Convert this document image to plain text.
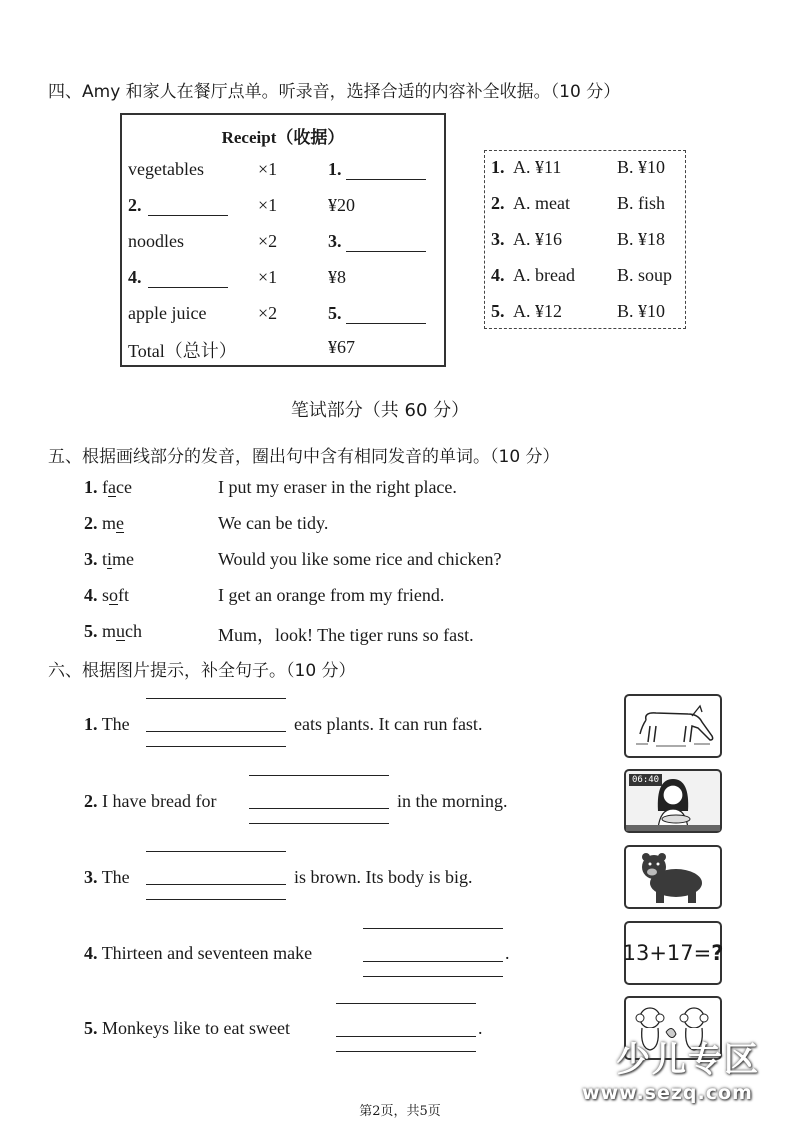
四、Amy 和家人在餐厅点单。听录音，选择合适的内容补全收据。（10 分）
Receipt（收据）
vegetables	×1	1.
2.	×1	¥20
noodles	×2	3.
4.	×1	¥8
apple juice	×2	5.
Total（总计）	¥67
1. A. ¥11	B. ¥10
2. A. meat	B. fish
3. A. ¥16	B. ¥18
4. A. bread B. soup
5. A. ¥12	B. ¥10
笔试部分（共 60 分）
五、根据画线部分的发音，圈出句中含有相同发音的单词。（10 分）
1. face	I put my eraser in the right place.
2. me	We can be tidy.
3. time	Would you like some rice and chicken?
4. soft	I get an orange from my friend.
5. much	Mum，look! The tiger runs so fast.
六、根据图片提示，补全句子。（10 分）
1. The	eats plants. It can run fast.
2. I have bread for	in the morning.
3. The	is brown. Its body is big.
4. Thirteen and seventeen make	.
5. Monkeys like to eat sweet	.
06:40
13+17= ?
少儿专区
www.sezq.com
第2页，共5页
